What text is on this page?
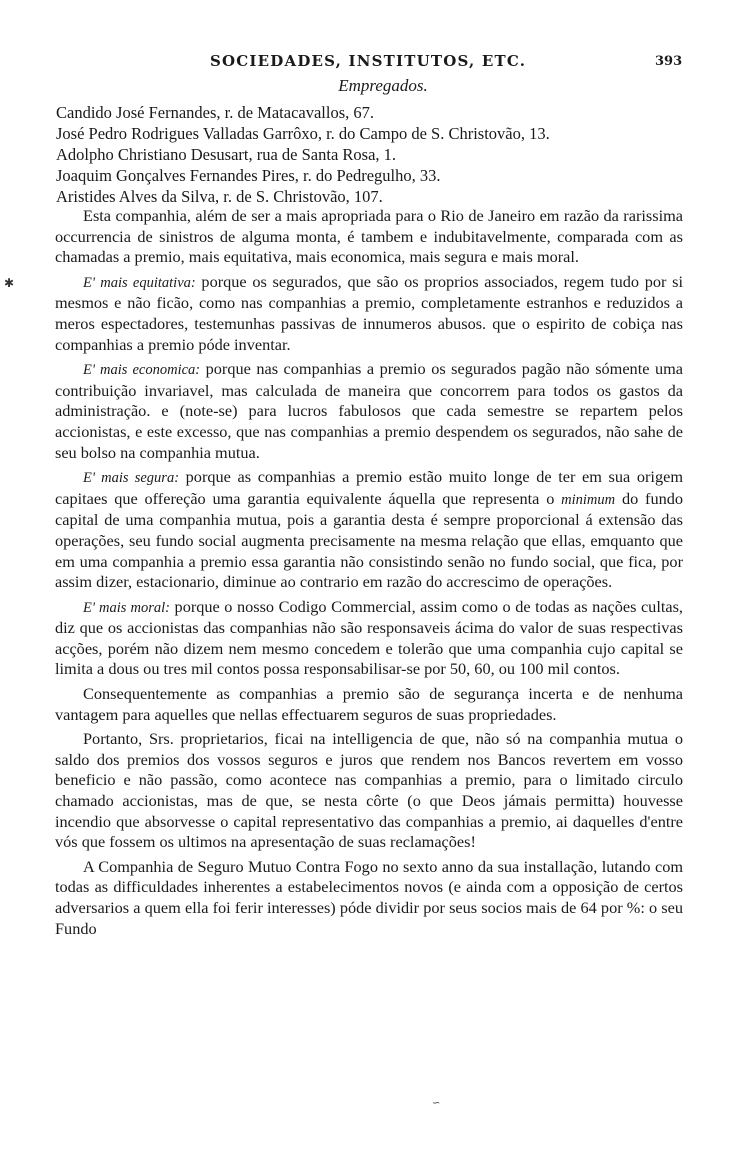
SOCIEDADES, INSTITUTOS, ETC.	393
Empregados.
Candido José Fernandes, r. de Matacavallos, 67.
José Pedro Rodrigues Valladas Garrôxo, r. do Campo de S. Christovão, 13.
Adolpho Christiano Desusart, rua de Santa Rosa, 1.
Joaquim Gonçalves Fernandes Pires, r. do Pedregulho, 33.
Aristides Alves da Silva, r. de S. Christovão, 107.

Esta companhia, além de ser a mais apropriada para o Rio de Janeiro em razão da rarissima occurrencia de sinistros de alguma monta, é tambem e indubitavelmente, comparada com as chamadas a premio, mais equitativa, mais economica, mais segura e mais moral.

E' mais equitativa: porque os segurados, que são os proprios associados, regem tudo por si mesmos e não ficão, como nas companhias a premio, completamente estranhos e reduzidos a meros espectadores, testemunhas passivas de innumeros abusos. que o espirito de cobiça nas companhias a premio póde inventar.

E' mais economica: porque nas companhias a premio os segurados pagão não sómente uma contribuição invariavel, mas calculada de maneira que concorrem para todos os gastos da administração. e (note-se) para lucros fabulosos que cada semestre se repartem pelos accionistas, e este excesso, que nas companhias a premio despendem os segurados, não sahe de seu bolso na companhia mutua.

E' mais segura: porque as companhias a premio estão muito longe de ter em sua origem capitaes que offereção uma garantia equivalente áquella que representa o minimum do fundo capital de uma companhia mutua, pois a garantia desta é sempre proporcional á extensão das operações, seu fundo social augmenta precisamente na mesma relação que ellas, emquanto que em uma companhia a premio essa garantia não consistindo senão no fundo social, que fica, por assim dizer, estacionario, diminue ao contrario em razão do accrescimo de operações.

E' mais moral: porque o nosso Codigo Commercial, assim como o de todas as nações cultas, diz que os accionistas das companhias não são responsaveis ácima do valor de suas respectivas acções, porém não dizem nem mesmo concedem e tolerão que uma companhia cujo capital se limita a dous ou tres mil contos possa responsabilisar-se por 50, 60, ou 100 mil contos.

Consequentemente as companhias a premio são de segurança incerta e de nenhuma vantagem para aquelles que nellas effectuarem seguros de suas propriedades.

Portanto, Srs. proprietarios, ficai na intelligencia de que, não só na companhia mutua o saldo dos premios dos vossos seguros e juros que rendem nos Bancos revertem em vosso beneficio e não passão, como acontece nas companhias a premio, para o limitado circulo chamado accionistas, mas de que, se nesta côrte (o que Deos jámais permitta) houvesse incendio que absorvesse o capital representativo das companhias a premio, ai daquelles d'entre vós que fossem os ultimos na apresentação de suas reclamações!

A Companhia de Seguro Mutuo Contra Fogo no sexto anno da sua installação, lutando com todas as difficuldades inherentes a estabelecimentos novos (e ainda com a opposição de certos adversarios a quem ella foi ferir interesses) póde dividir por seus socios mais de 64 por %: o seu Fundo

✱
∽
